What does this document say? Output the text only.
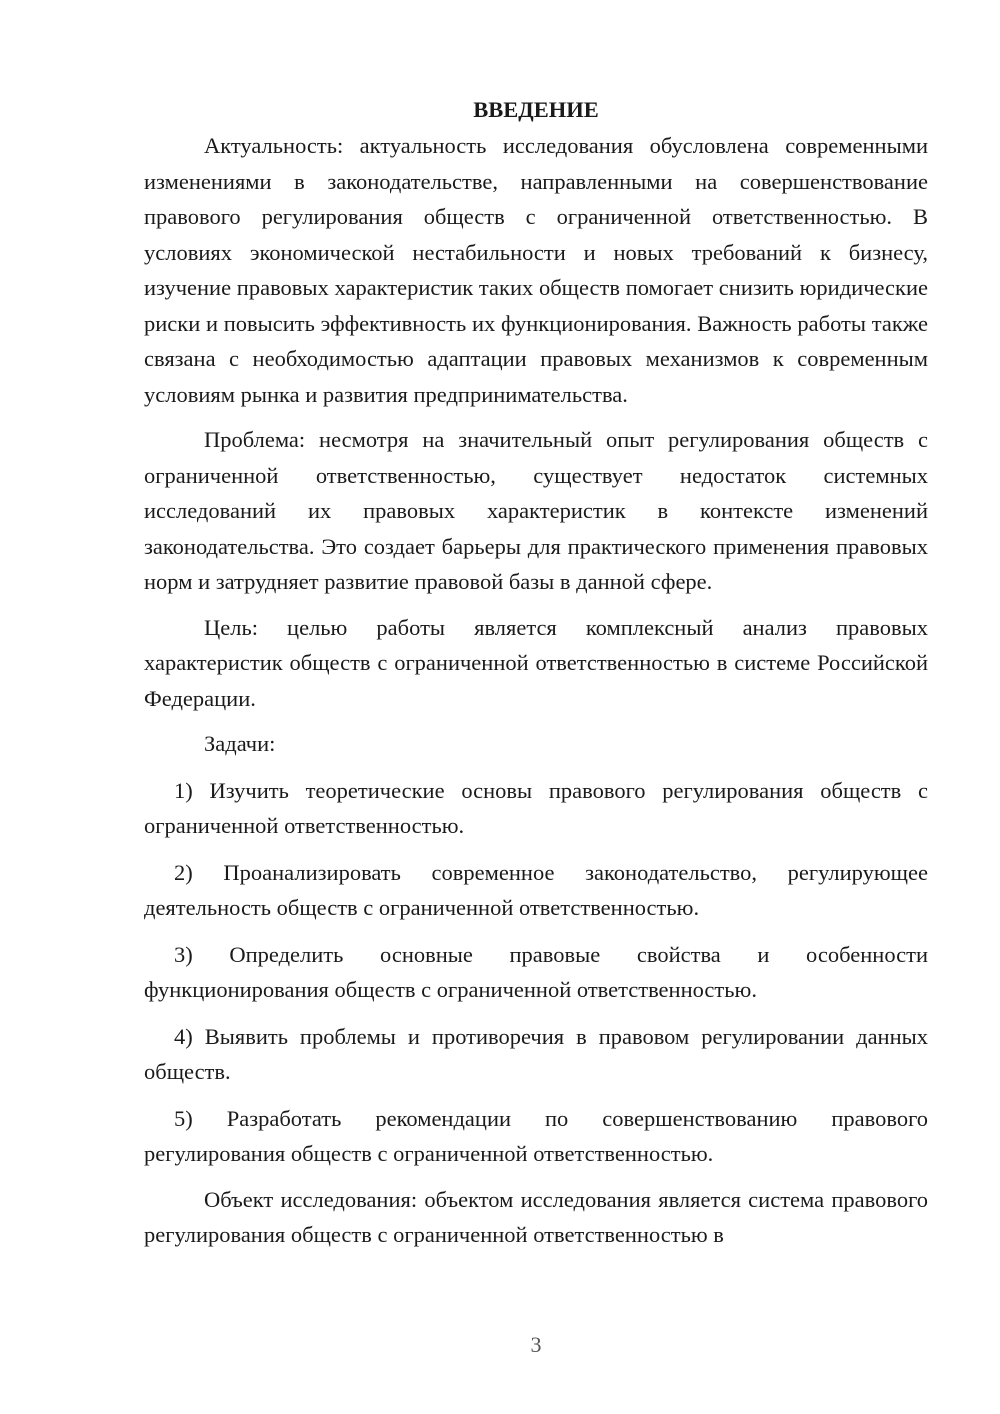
ВВЕДЕНИЕ

Актуальность: актуальность исследования обусловлена современными изменениями в законодательстве, направленными на совершенствование правового регулирования обществ с ограниченной ответственностью. В условиях экономической нестабильности и новых требований к бизнесу, изучение правовых характеристик таких обществ помогает снизить юридические риски и повысить эффективность их функционирования. Важность работы также связана с необходимостью адаптации правовых механизмов к современным условиям рынка и развития предпринимательства.

Проблема: несмотря на значительный опыт регулирования обществ с ограниченной ответственностью, существует недостаток системных исследований их правовых характеристик в контексте изменений законодательства. Это создает барьеры для практического применения правовых норм и затрудняет развитие правовой базы в данной сфере.

Цель: целью работы является комплексный анализ правовых характеристик обществ с ограниченной ответственностью в системе Российской Федерации.

Задачи:

1) Изучить теоретические основы правового регулирования обществ с ограниченной ответственностью.

2) Проанализировать современное законодательство, регулирующее деятельность обществ с ограниченной ответственностью.

3) Определить основные правовые свойства и особенности функционирования обществ с ограниченной ответственностью.

4) Выявить проблемы и противоречия в правовом регулировании данных обществ.

5) Разработать рекомендации по совершенствованию правового регулирования обществ с ограниченной ответственностью.

Объект исследования: объектом исследования является система правового регулирования обществ с ограниченной ответственностью в

3
